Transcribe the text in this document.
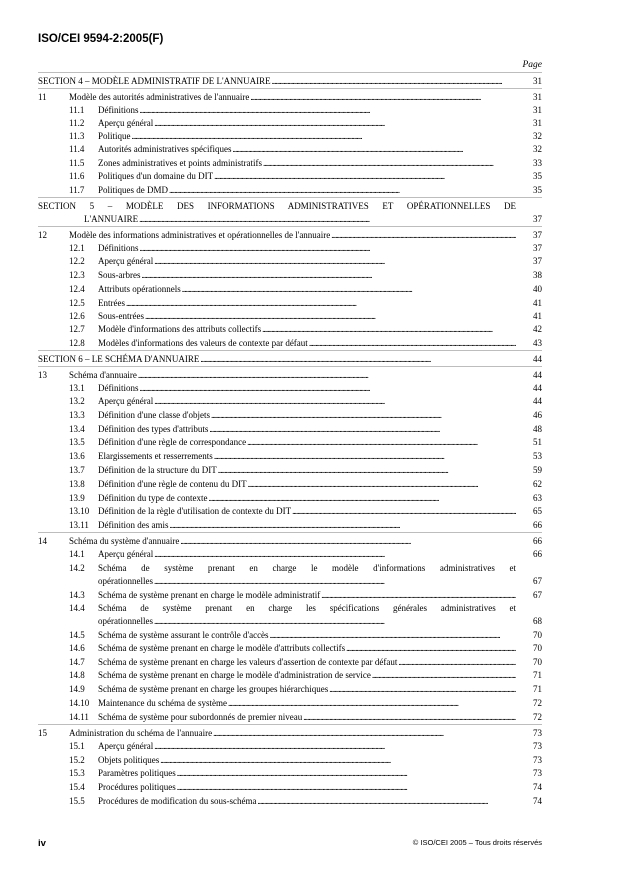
ISO/CEI 9594-2:2005(F)
Page
SECTION 4 – MODÈLE ADMINISTRATIF DE L'ANNUAIRE . . .	31
11 Modèle des autorités administratives de l'annuaire . . .	31
11.1 Définitions . . .	31
11.2 Aperçu général . . .	31
11.3 Politique . . .	32
11.4 Autorités administratives spécifiques . . .	32
11.5 Zones administratives et points administratifs . . .	33
11.6 Politiques d'un domaine du DIT . . .	35
11.7 Politiques de DMD . . .	35
SECTION 5 – MODÈLE DES INFORMATIONS ADMINISTRATIVES ET OPÉRATIONNELLES DE
L'ANNUAIRE . . .	37
12 Modèle des informations administratives et opérationnelles de l'annuaire . . .	37
12.1 Définitions . . .	37
12.2 Aperçu général . . .	37
12.3 Sous-arbres . . .	38
12.4 Attributs opérationnels . . .	40
12.5 Entrées . . .	41
12.6 Sous-entrées . . .	41
12.7 Modèle d'informations des attributs collectifs . . .	42
12.8 Modèles d'informations des valeurs de contexte par défaut . . .	43
SECTION 6 – LE SCHÉMA D'ANNUAIRE . . .	44
13 Schéma d'annuaire . . .	44
13.1 Définitions . . .	44
13.2 Aperçu général . . .	44
13.3 Définition d'une classe d'objets . . .	46
13.4 Définition des types d'attributs . . .	48
13.5 Définition d'une règle de correspondance . . .	51
13.6 Elargissements et resserrements . . .	53
13.7 Définition de la structure du DIT . . .	59
13.8 Définition d'une règle de contenu du DIT . . .	62
13.9 Définition du type de contexte . . .	63
13.10 Définition de la règle d'utilisation de contexte du DIT . . .	65
13.11 Définition des amis . . .	66
14 Schéma du système d'annuaire . . .	66
14.1 Aperçu général . . .	66
14.2 Schéma de système prenant en charge le modèle d'informations administratives et
opérationnelles . . .	67
14.3 Schéma de système prenant en charge le modèle administratif . . .	67
14.4 Schéma de système prenant en charge les spécifications générales administratives et
opérationnelles . . .	68
14.5 Schéma de système assurant le contrôle d'accès . . .	70
14.6 Schéma de système prenant en charge le modèle d'attributs collectifs . . .	70
14.7 Schéma de système prenant en charge les valeurs d'assertion de contexte par défaut . . .	70
14.8 Schéma de système prenant en charge le modèle d'administration de service . . .	71
14.9 Schéma de système prenant en charge les groupes hiérarchiques . . .	71
14.10 Maintenance du schéma de système . . .	72
14.11 Schéma de système pour subordonnés de premier niveau . . .	72
15 Administration du schéma de l'annuaire . . .	73
15.1 Aperçu général . . .	73
15.2 Objets politiques . . .	73
15.3 Paramètres politiques . . .	73
15.4 Procédures politiques . . .	74
15.5 Procédures de modification du sous-schéma . . .	74
iv	© ISO/CEI 2005 – Tous droits réservés
